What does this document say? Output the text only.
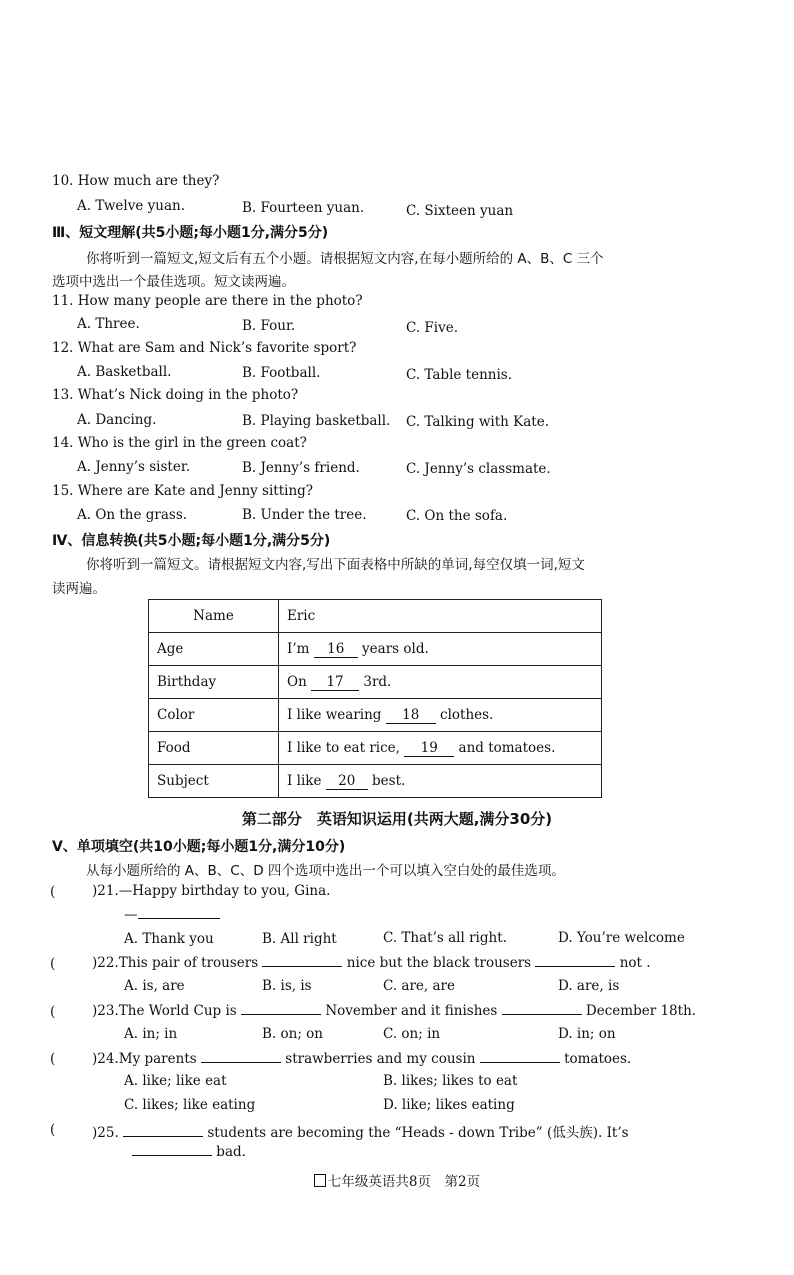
10. How much are they?
A. Twelve yuan.	B. Fourteen yuan.	C. Sixteen yuan
Ⅲ、短文理解(共5小题;每小题1分,满分5分)
你将听到一篇短文,短文后有五个小题。请根据短文内容,在每小题所给的 A、B、C 三个
选项中选出一个最佳选项。短文读两遍。
11. How many people are there in the photo?
A. Three.	B. Four.	C. Five.
12. What are Sam and Nick’s favorite sport?
A. Basketball.	B. Football.	C. Table tennis.
13. What’s Nick doing in the photo?
A. Dancing.	B. Playing basketball. C. Talking with Kate.
14. Who is the girl in the green coat?
A. Jenny’s sister.	B. Jenny’s friend.	C. Jenny’s classmate.
15. Where are Kate and Jenny sitting?
A. On the grass.	B. Under the tree.	C. On the sofa.
Ⅳ、信息转换(共5小题;每小题1分,满分5分)
你将听到一篇短文。请根据短文内容,写出下面表格中所缺的单词,每空仅填一词,短文
读两遍。
Name	Eric
Age	I’m 16 years old.
Birthday	On 17 3rd.
Color	I like wearing 18 clothes.
Food	I like to eat rice, 19 and tomatoes.
Subject	I like 20 best.
第二部分　英语知识运用(共两大题,满分30分)
Ⅴ、单项填空(共10小题;每小题1分,满分10分)
从每小题所给的 A、B、C、D 四个选项中选出一个可以填入空白处的最佳选项。
(	)21.—Happy birthday to you, Gina.
—
A. Thank you	B. All right	C. That’s all right.	D. You’re welcome
(	)22.This pair of trousers	nice but the black trousers	not .
A. is, are	B. is, is	C. are, are	D. are, is
(	)23.The World Cup is	November and it finishes	December 18th.
A. in; in	B. on; on	C. on; in	D. in; on
(	)24.My parents	strawberries and my cousin	tomatoes.
A. like; like eat	B. likes; likes to eat
C. likes; like eating	D. like; likes eating
(	)25.	students are becoming the “Heads - down Tribe” (低头族). It’s
bad.
七年级英语共8页　第2页
